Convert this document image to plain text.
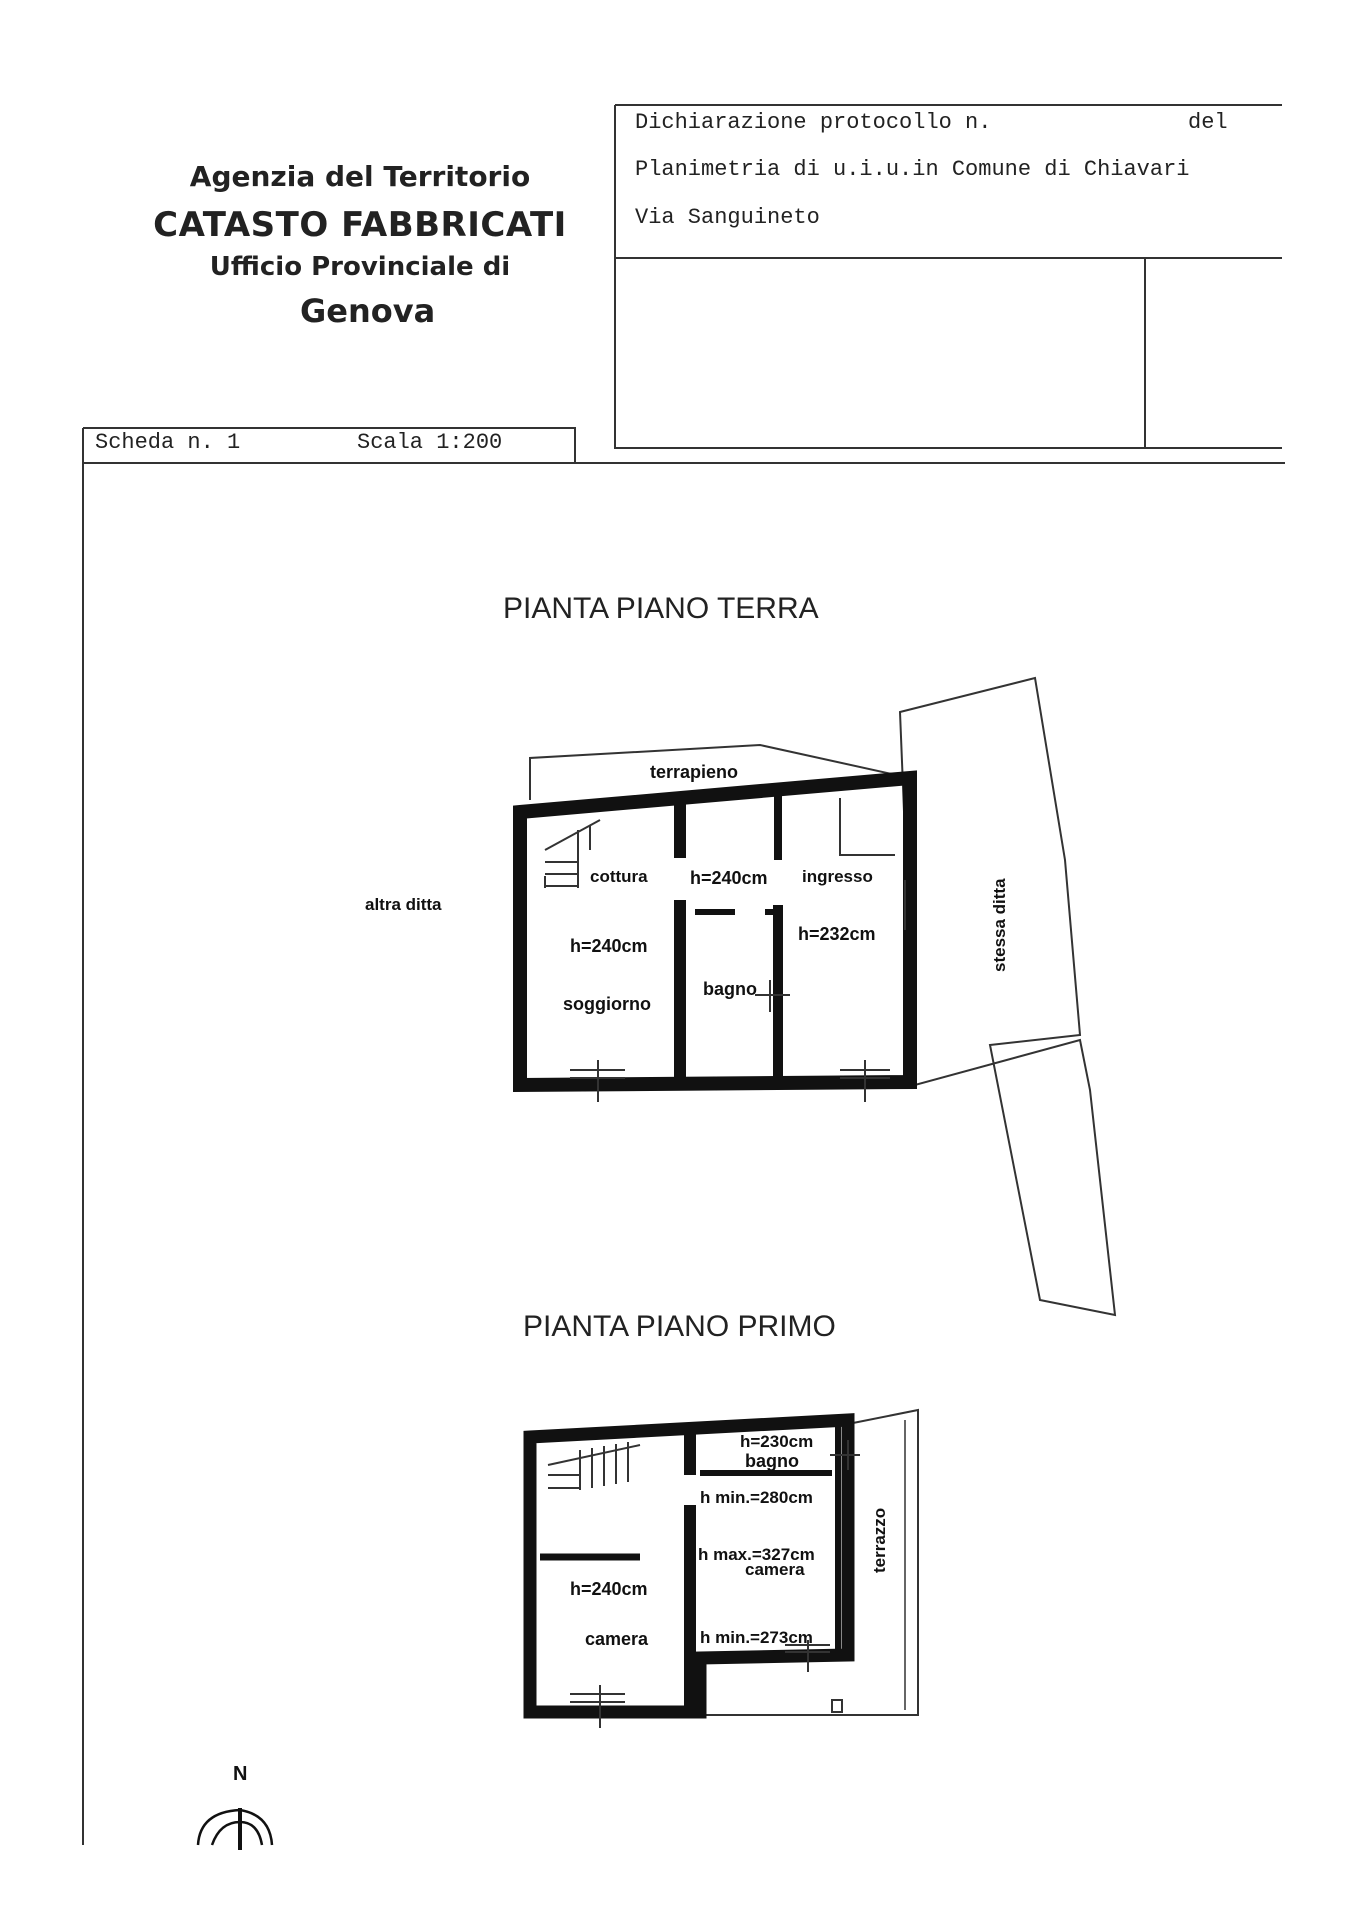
Agenzia del Territorio
CATASTO FABBRICATI
Ufficio Provinciale di
Genova
Dichiarazione protocollo n.	del
Planimetria di u.i.u.in Comune di Chiavari
Via Sanguineto
Scheda n. 1	Scala 1:200
PIANTA PIANO TERRA
PIANTA PIANO PRIMO
terrapieno
altra ditta
cottura h=240cm ingresso
h=232cm
h=240cm
soggiorno
bagno
stessa ditta
h=230cm
bagno
h min.=280cm
h max.=327cm
camera
h min.=273cm
h=240cm
camera
terrazzo
N
